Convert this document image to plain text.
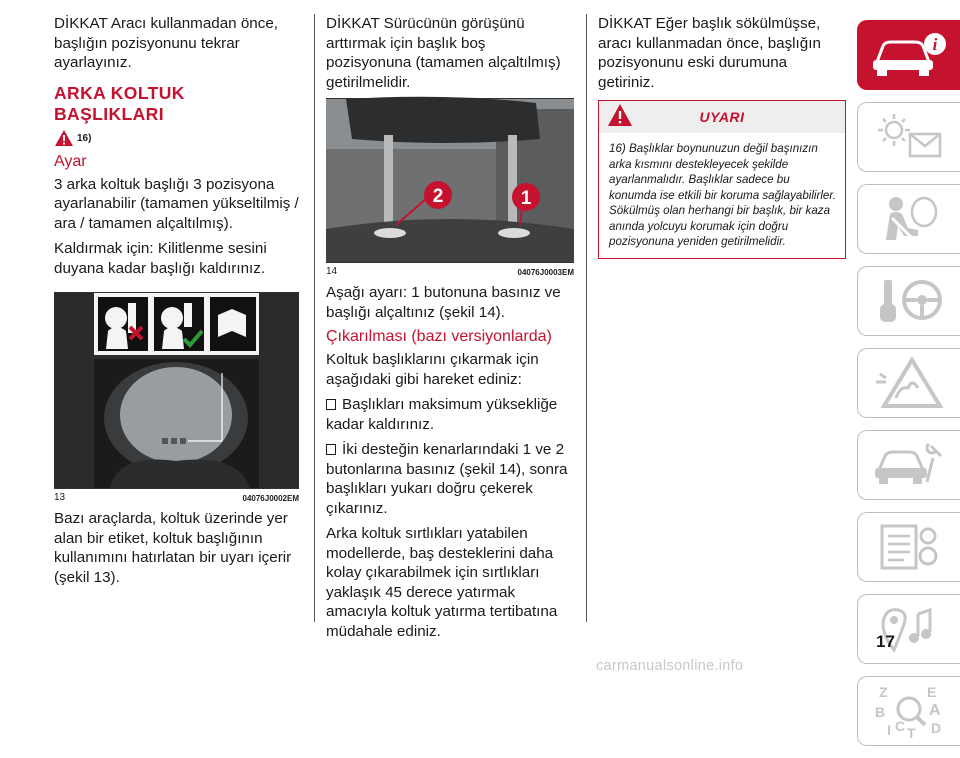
DİKKAT Aracı kullanmadan önce, başlığın pozisyonunu tekrar ayarlayınız.

ARKA KOLTUK BAŞLIKLARI
16)
Ayar

3 arka koltuk başlığı 3 pozisyona ayarlanabilir (tamamen yükseltilmiş / ara / tamamen alçaltılmış).

Kaldırmak için: Kilitlenme sesini duyana kadar başlığı kaldırınız.

13	04076J0002EM

Bazı araçlarda, koltuk üzerinde yer alan bir etiket, koltuk başlığının kullanımını hatırlatan bir uyarı içerir (şekil 13).

DİKKAT Sürücünün görüşünü arttırmak için başlık boş pozisyonuna (tamamen alçaltılmış) getirilmelidir.

2	1
14	04076J0003EM

Aşağı ayarı: 1 butonuna basınız ve başlığı alçaltınız (şekil 14).

Çıkarılması (bazı versiyonlarda)

Koltuk başlıklarını çıkarmak için aşağıdaki gibi hareket ediniz:

Başlıkları maksimum yüksekliğe kadar kaldırınız.

İki desteğin kenarlarındaki 1 ve 2 butonlarına basınız (şekil 14), sonra başlıkları yukarı doğru çekerek çıkarınız.

Arka koltuk sırtlıkları yatabilen modellerde, baş desteklerini daha kolay çıkarabilmek için sırtlıkları yaklaşık 45 derece yatırmak amacıyla koltuk yatırma tertibatına müdahale ediniz.

DİKKAT Eğer başlık sökülmüşse, aracı kullanmadan önce, başlığın pozisyonunu eski durumuna getiriniz.

UYARI
16) Başlıklar boynunuzun değil başınızın arka kısmını destekleyecek şekilde ayarlanmalıdır. Başlıklar sadece bu konumda ise etkili bir koruma sağlayabilirler. Sökülmüş olan herhangi bir başlık, bir kaza anında yolcuyu korumak için doğru pozisyonuna yeniden getirilmelidir.
i
Z	E
B	A
I C T D
17
carmanualsonline.info
